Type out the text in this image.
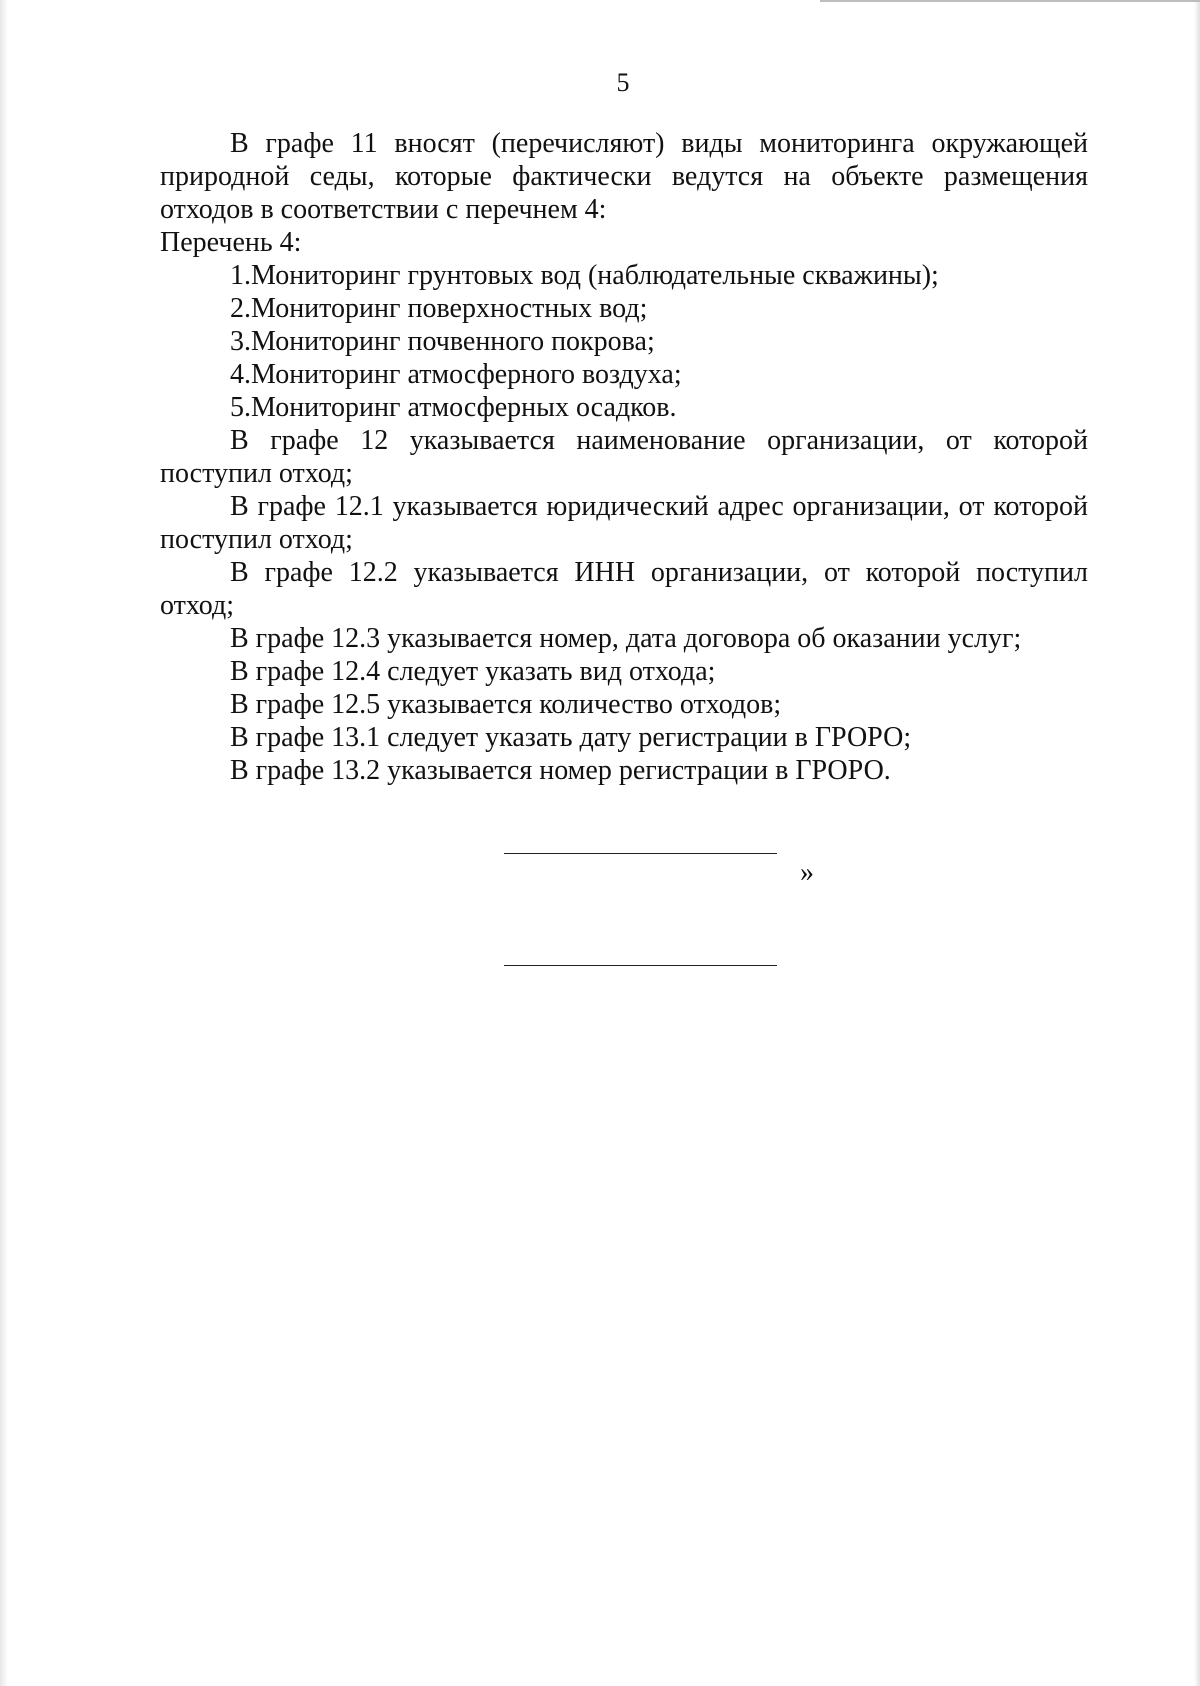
5

В графе 11 вносят (перечисляют) виды мониторинга окружающей природной седы, которые фактически ведутся на объекте размещения отходов в соответствии с перечнем 4:

Перечень 4:

1.Мониторинг грунтовых вод (наблюдательные скважины);

2.Мониторинг поверхностных вод;

3.Мониторинг почвенного покрова;

4.Мониторинг атмосферного воздуха;

5.Мониторинг атмосферных осадков.

В графе 12 указывается наименование организации, от которой поступил отход;

В графе 12.1 указывается юридический адрес организации, от которой поступил отход;

В графе 12.2 указывается ИНН организации, от которой поступил отход;

В графе 12.3 указывается номер, дата договора об оказании услуг;

В графе 12.4 следует указать вид отхода;

В графе 12.5 указывается количество отходов;

В графе 13.1 следует указать дату регистрации в ГРОРО;

В графе 13.2 указывается номер регистрации в ГРОРО.

»
